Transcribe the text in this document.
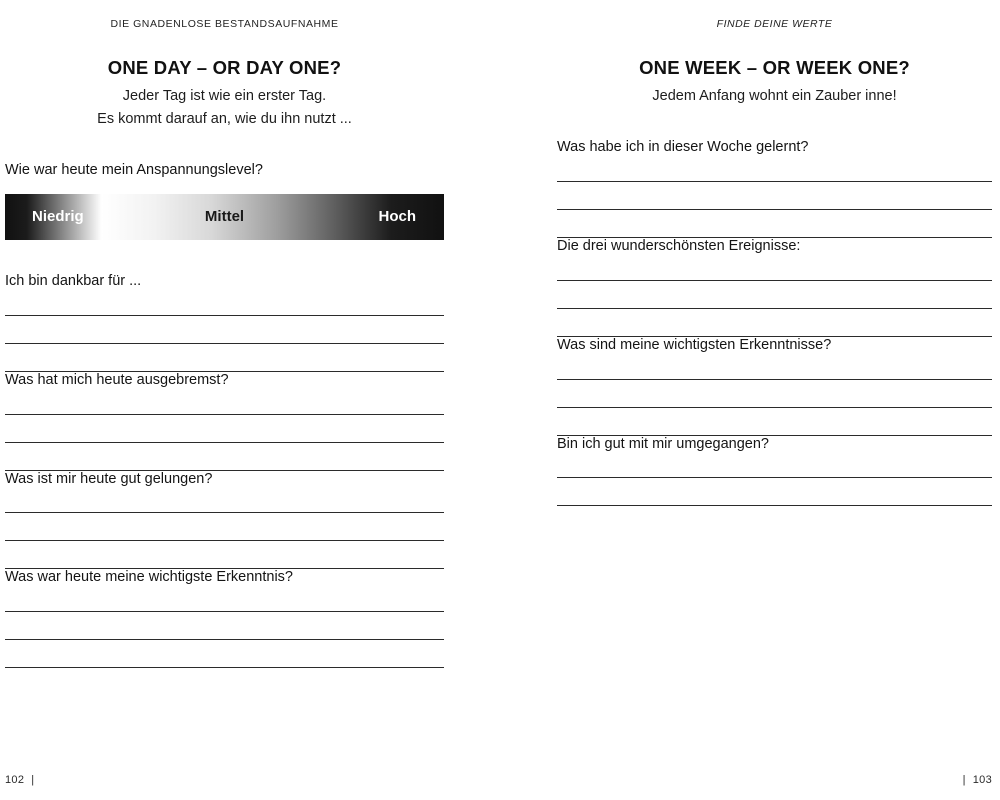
DIE GNADENLOSE BESTANDSAUFNAHME
ONE DAY – OR DAY ONE?

Jeder Tag ist wie ein erster Tag.

Es kommt darauf an, wie du ihn nutzt ...

Wie war heute mein Anspannungslevel?

Niedrig	Mittel	Hoch

Ich bin dankbar für ...

Was hat mich heute ausgebremst?

Was ist mir heute gut gelungen?

Was war heute meine wichtigste Erkenntnis?

102 |
FINDE DEINE WERTE
ONE WEEK – OR WEEK ONE?

Jedem Anfang wohnt ein Zauber inne!

Was habe ich in dieser Woche gelernt?

Die drei wunderschönsten Ereignisse:

Was sind meine wichtigsten Erkenntnisse?

Bin ich gut mit mir umgegangen?

| 103
